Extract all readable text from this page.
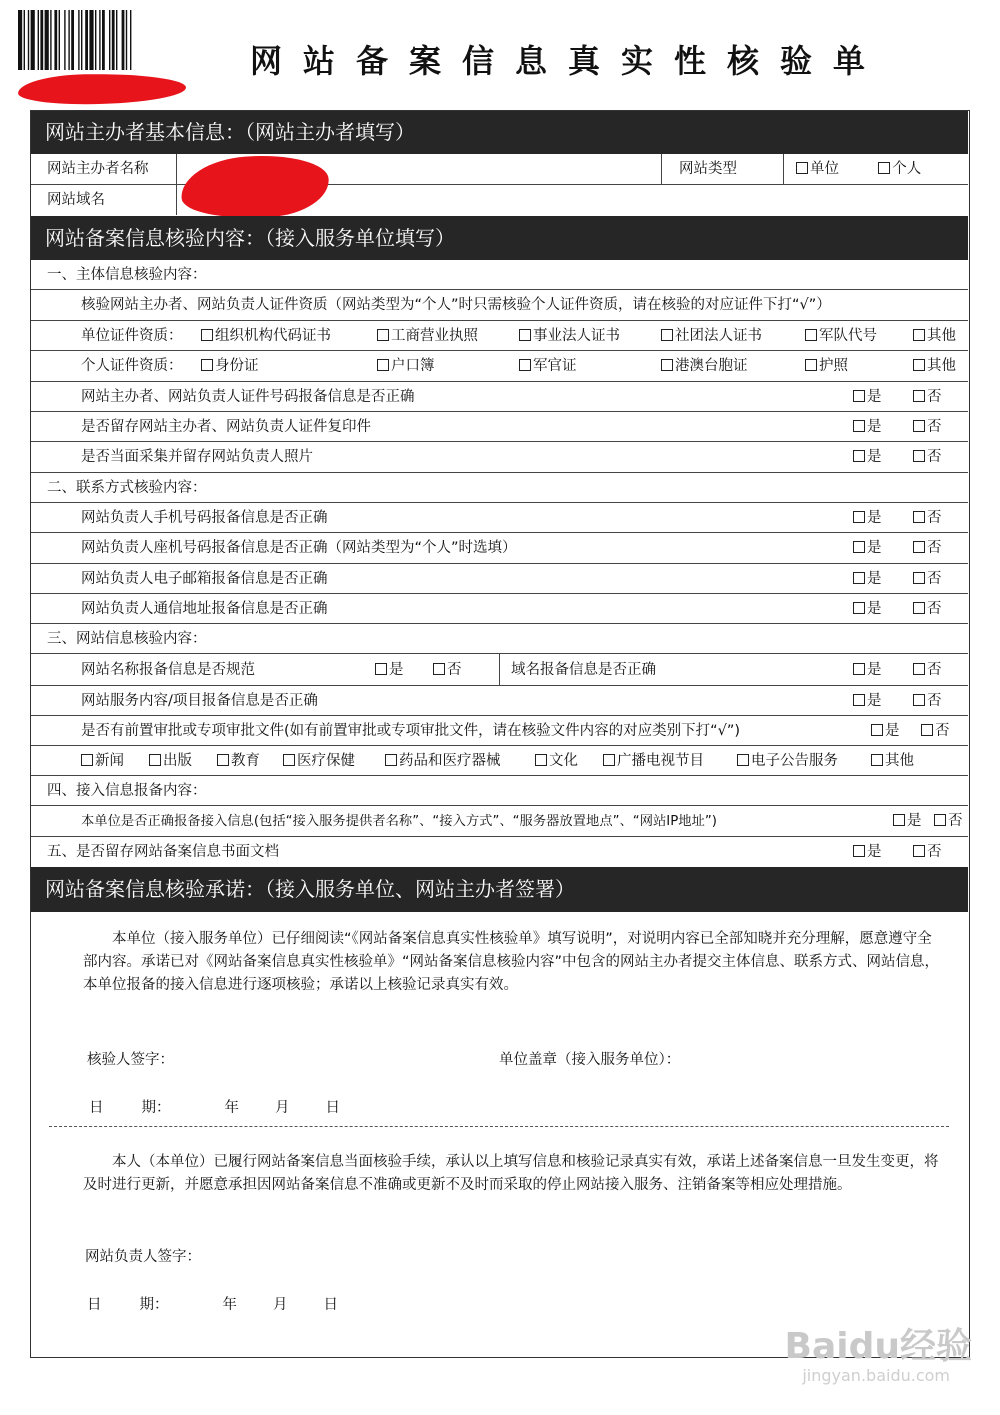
网站备案信息真实性核验单
网站主办者基本信息：（网站主办者填写）
网站主办者名称	网站类型	单位	个人
网站域名
网站备案信息核验内容：（接入服务单位填写）
一、主体信息核验内容：
核验网站主办者、网站负责人证件资质（网站类型为“个人”时只需核验个人证件资质，请在核验的对应证件下打“√”）
单位证件资质：	组织机构代码证书	工商营业执照	事业法人证书	社团法人证书	军队代号	其他
个人证件资质：	身份证	户口簿	军官证	港澳台胞证	护照	其他
网站主办者、网站负责人证件号码报备信息是否正确	是	否
是否留存网站主办者、网站负责人证件复印件	是	否
是否当面采集并留存网站负责人照片	是	否
二、联系方式核验内容：
网站负责人手机号码报备信息是否正确	是	否
网站负责人座机号码报备信息是否正确（网站类型为“个人”时选填）	是	否
网站负责人电子邮箱报备信息是否正确	是	否
网站负责人通信地址报备信息是否正确	是	否
三、网站信息核验内容：
网站名称报备信息是否规范	是	否	域名报备信息是否正确	是	否
网站服务内容/项目报备信息是否正确	是	否
是否有前置审批或专项审批文件(如有前置审批或专项审批文件，请在核验文件内容的对应类别下打“√”)	是	否
新闻	出版	教育	医疗保健	药品和医疗器械	文化	广播电视节目	电子公告服务	其他
四、接入信息报备内容：
本单位是否正确报备接入信息(包括“接入服务提供者名称”、“接入方式”、“服务器放置地点”、“网站IP地址”)	是	否
五、是否留存网站备案信息书面文档	是	否
网站备案信息核验承诺：（接入服务单位、网站主办者签署）
本单位（接入服务单位）已仔细阅读“《网站备案信息真实性核验单》填写说明”，对说明内容已全部知晓并充分理解，愿意遵守全部内容。承诺已对《网站备案信息真实性核验单》“网站备案信息核验内容”中包含的网站主办者提交主体信息、联系方式、网站信息，本单位报备的接入信息进行逐项核验；承诺以上核验记录真实有效。
核验人签字：	单位盖章（接入服务单位）：
日	期：	年 月 日
本人（本单位）已履行网站备案信息当面核验手续，承认以上填写信息和核验记录真实有效，承诺上述备案信息一旦发生变更，将及时进行更新，并愿意承担因网站备案信息不准确或更新不及时而采取的停止网站接入服务、注销备案等相应处理措施。
网站负责人签字：
日	期：	年 月 日
Baidu经验
jingyan.baidu.com
